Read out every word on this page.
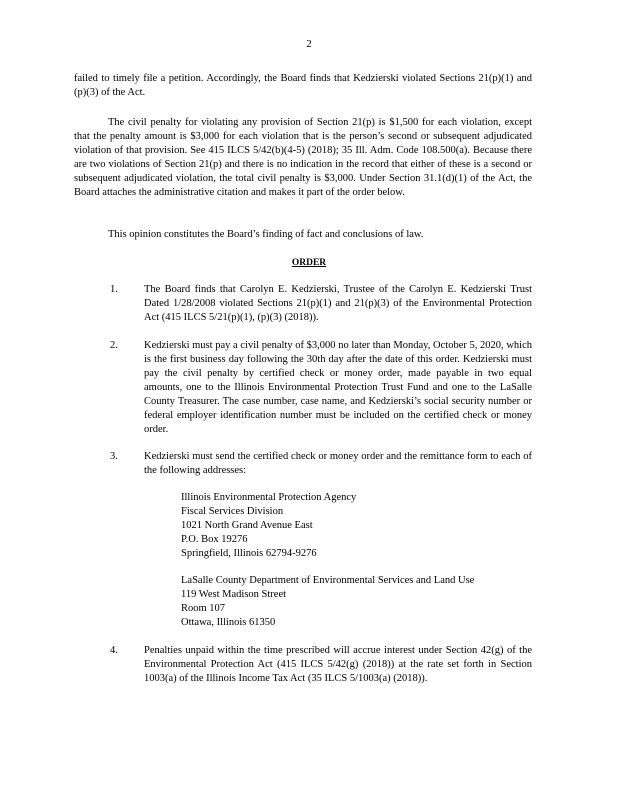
2

failed to timely file a petition. Accordingly, the Board finds that Kedzierski violated Sections 21(p)(1) and (p)(3) of the Act.

The civil penalty for violating any provision of Section 21(p) is $1,500 for each violation, except that the penalty amount is $3,000 for each violation that is the person’s second or subsequent adjudicated violation of that provision. See 415 ILCS 5/42(b)(4-5) (2018); 35 Ill. Adm. Code 108.500(a). Because there are two violations of Section 21(p) and there is no indication in the record that either of these is a second or subsequent adjudicated violation, the total civil penalty is $3,000. Under Section 31.1(d)(1) of the Act, the Board attaches the administrative citation and makes it part of the order below.

This opinion constitutes the Board’s finding of fact and conclusions of law.

ORDER
1. The Board finds that Carolyn E. Kedzierski, Trustee of the Carolyn E. Kedzierski Trust Dated 1/28/2008 violated Sections 21(p)(1) and 21(p)(3) of the Environmental Protection Act (415 ILCS 5/21(p)(1), (p)(3) (2018)).
2. Kedzierski must pay a civil penalty of $3,000 no later than Monday, October 5, 2020, which is the first business day following the 30th day after the date of this order. Kedzierski must pay the civil penalty by certified check or money order, made payable in two equal amounts, one to the Illinois Environmental Protection Trust Fund and one to the LaSalle County Treasurer. The case number, case name, and Kedzierski’s social security number or federal employer identification number must be included on the certified check or money order.
3. Kedzierski must send the certified check or money order and the remittance form to each of the following addresses:
Illinois Environmental Protection Agency
Fiscal Services Division
1021 North Grand Avenue East
P.O. Box 19276
Springfield, Illinois 62794-9276
LaSalle County Department of Environmental Services and Land Use
119 West Madison Street
Room 107
Ottawa, Illinois 61350
4. Penalties unpaid within the time prescribed will accrue interest under Section 42(g) of the Environmental Protection Act (415 ILCS 5/42(g) (2018)) at the rate set forth in Section 1003(a) of the Illinois Income Tax Act (35 ILCS 5/1003(a) (2018)).
